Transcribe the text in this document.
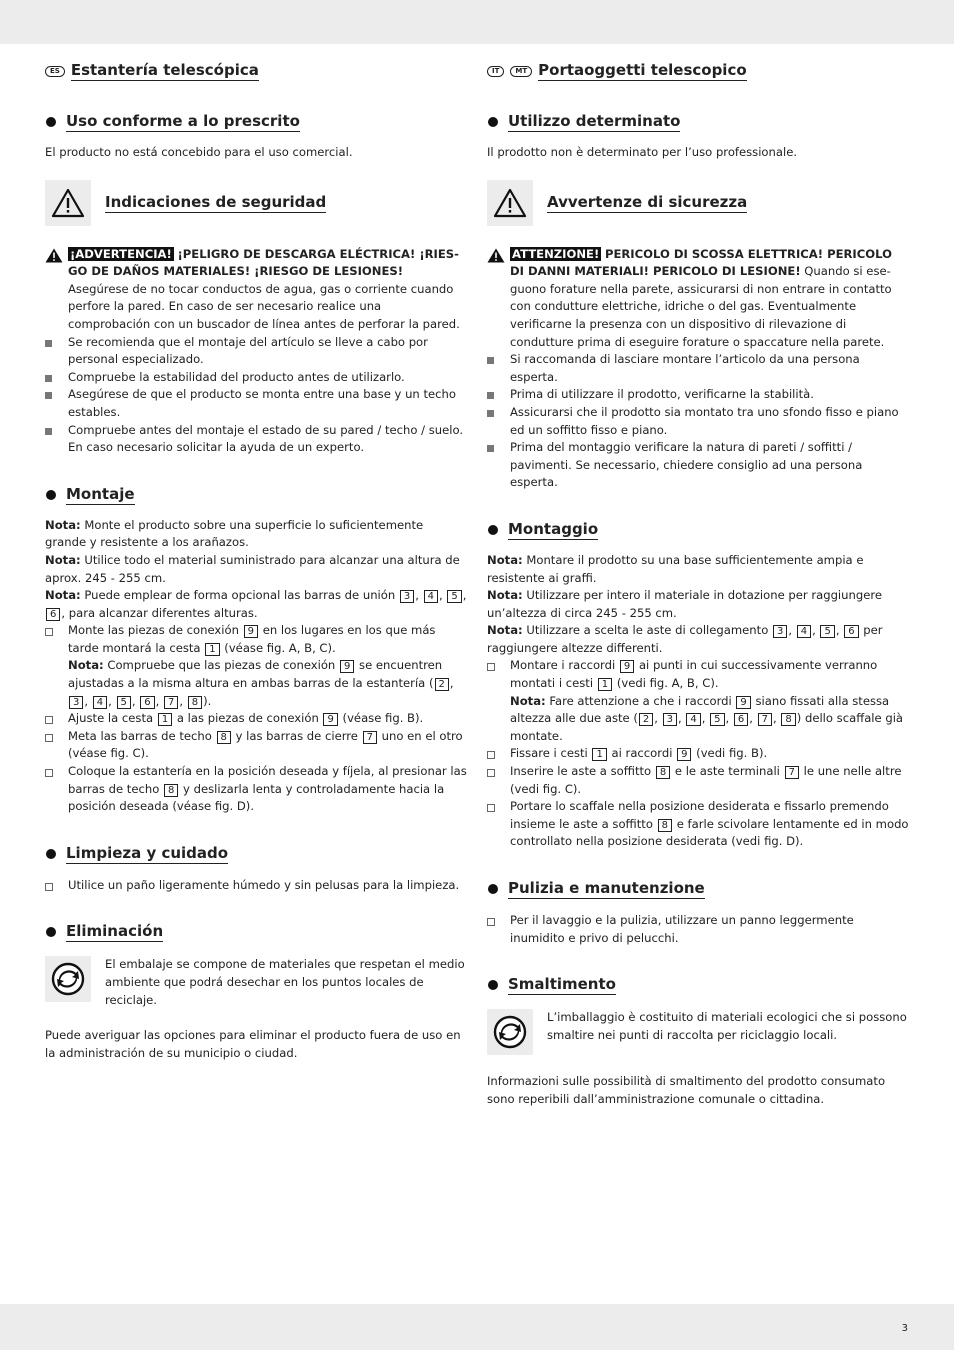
ES Estantería telescópica
Uso conforme a lo prescrito

El producto no está concebido para el uso comercial.

Indicaciones de seguridad
¡ADVERTENCIA! ¡PELIGRO DE DESCARGA ELÉCTRICA! ¡RIESGO DE DAÑOS MATERIALES! ¡RIESGO DE LESIONES! Asegúrese de no tocar conductos de agua, gas o corriente cuando perfore la pared. En caso de ser necesario realice una comprobación con un buscador de línea antes de perforar la pared.
Se recomienda que el montaje del artículo se lleve a cabo por personal especializado.
Compruebe la estabilidad del producto antes de utilizarlo.
Asegúrese de que el producto se monta entre una base y un techo estables.
Compruebe antes del montaje el estado de su pared / techo / suelo. En caso necesario solicitar la ayuda de un experto.
Montaje

Nota: Monte el producto sobre una superficie lo suficientemente grande y resistente a los arañazos.

Nota: Utilice todo el material suministrado para alcanzar una altura de aprox. 245 - 255 cm.

Nota: Puede emplear de forma opcional las barras de unión 3 , 4 , 5 , 6 , para alcanzar diferentes alturas.

Monte las piezas de conexión 9 en los lugares en los que más tarde montará la cesta 1 (véase fig. A, B, C).
Nota: Compruebe que las piezas de conexión 9 se encuentren ajustadas a la misma altura en ambas barras de la estantería ( 2 , 3 , 4 , 5 , 6 , 7 , 8 ).
Ajuste la cesta 1 a las piezas de conexión 9 (véase fig. B).
Meta las barras de techo 8 y las barras de cierre 7 uno en el otro (véase fig. C).
Coloque la estantería en la posición deseada y fíjela, al presionar las barras de techo 8 y deslizarla lenta y controladamente hacia la posición deseada (véase fig. D).
Limpieza y cuidado
Utilice un paño ligeramente húmedo y sin pelusas para la limpieza.
Eliminación
El embalaje se compone de materiales que respetan el medio ambiente que podrá desechar en los puntos locales de reciclaje.

Puede averiguar las opciones para eliminar el producto fuera de uso en la administración de su municipio o ciudad.

IT	MT Portaoggetti telescopico
Utilizzo determinato

Il prodotto non è determinato per l’uso professionale.

Avvertenze di sicurezza
ATTENZIONE! PERICOLO DI SCOSSA ELETTRICA! PERICOLO DI DANNI MATERIALI! PERICOLO DI LESIONE! Quando si eseguono forature nella parete, assicurarsi di non entrare in contatto con condutture elettriche, idriche o del gas. Eventualmente verificarne la presenza con un dispositivo di rilevazione di condutture prima di eseguire forature o spaccature nella parete.
Si raccomanda di lasciare montare l’articolo da una persona esperta.
Prima di utilizzare il prodotto, verificarne la stabilità.
Assicurarsi che il prodotto sia montato tra uno sfondo fisso e piano ed un soffitto fisso e piano.
Prima del montaggio verificare la natura di pareti / soffitti / pavimenti. Se necessario, chiedere consiglio ad una persona esperta.
Montaggio

Nota: Montare il prodotto su una base sufficientemente ampia e resistente ai graffi.

Nota: Utilizzare per intero il materiale in dotazione per raggiungere un’altezza di circa 245 - 255 cm.

Nota: Utilizzare a scelta le aste di collegamento 3 , 4 , 5 , 6 per raggiungere altezze differenti.

Montare i raccordi 9 ai punti in cui successivamente verranno montati i cesti 1 (vedi fig. A, B, C).
Nota: Fare attenzione a che i raccordi 9 siano fissati alla stessa altezza alle due aste ( 2 , 3 , 4 , 5 , 6 , 7 , 8 ) dello scaffale già montate.
Fissare i cesti 1 ai raccordi 9 (vedi fig. B).
Inserire le aste a soffitto 8 e le aste terminali 7 le une nelle altre (vedi fig. C).
Portare lo scaffale nella posizione desiderata e fissarlo premendo insieme le aste a soffitto 8 e farle scivolare lentamente ed in modo controllato nella posizione desiderata (vedi fig. D).
Pulizia e manutenzione
Per il lavaggio e la pulizia, utilizzare un panno leggermente inumidito e privo di pelucchi.
Smaltimento
L’imballaggio è costituito di materiali ecologici che si possono smaltire nei punti di raccolta per riciclaggio locali.

Informazioni sulle possibilità di smaltimento del prodotto consumato sono reperibili dall’amministrazione comunale o cittadina.

3
